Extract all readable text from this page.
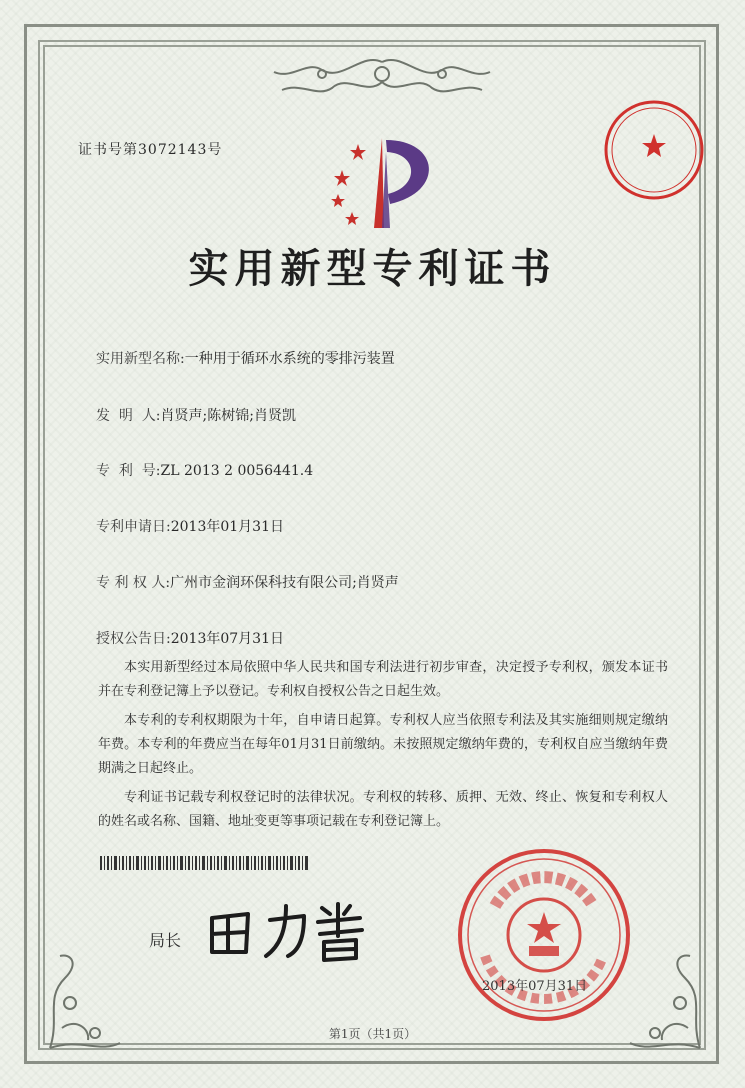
证书号第3072143号
实用新型专利证书
实用新型名称:一种用于循环水系统的零排污装置
发  明  人:肖贤声;陈树锦;肖贤凯
专  利  号:ZL 2013 2 0056441.4
专利申请日:2013年01月31日
专 利 权 人:广州市金润环保科技有限公司;肖贤声
授权公告日:2013年07月31日

本实用新型经过本局依照中华人民共和国专利法进行初步审查，决定授予专利权，颁发本证书并在专利登记簿上予以登记。专利权自授权公告之日起生效。

本专利的专利权期限为十年，自申请日起算。专利权人应当依照专利法及其实施细则规定缴纳年费。本专利的年费应当在每年01月31日前缴纳。未按照规定缴纳年费的，专利权自应当缴纳年费期满之日起终止。

专利证书记载专利权登记时的法律状况。专利权的转移、质押、无效、终止、恢复和专利权人的姓名或名称、国籍、地址变更等事项记载在专利登记簿上。

局长
2013年07月31日
第1页（共1页）
